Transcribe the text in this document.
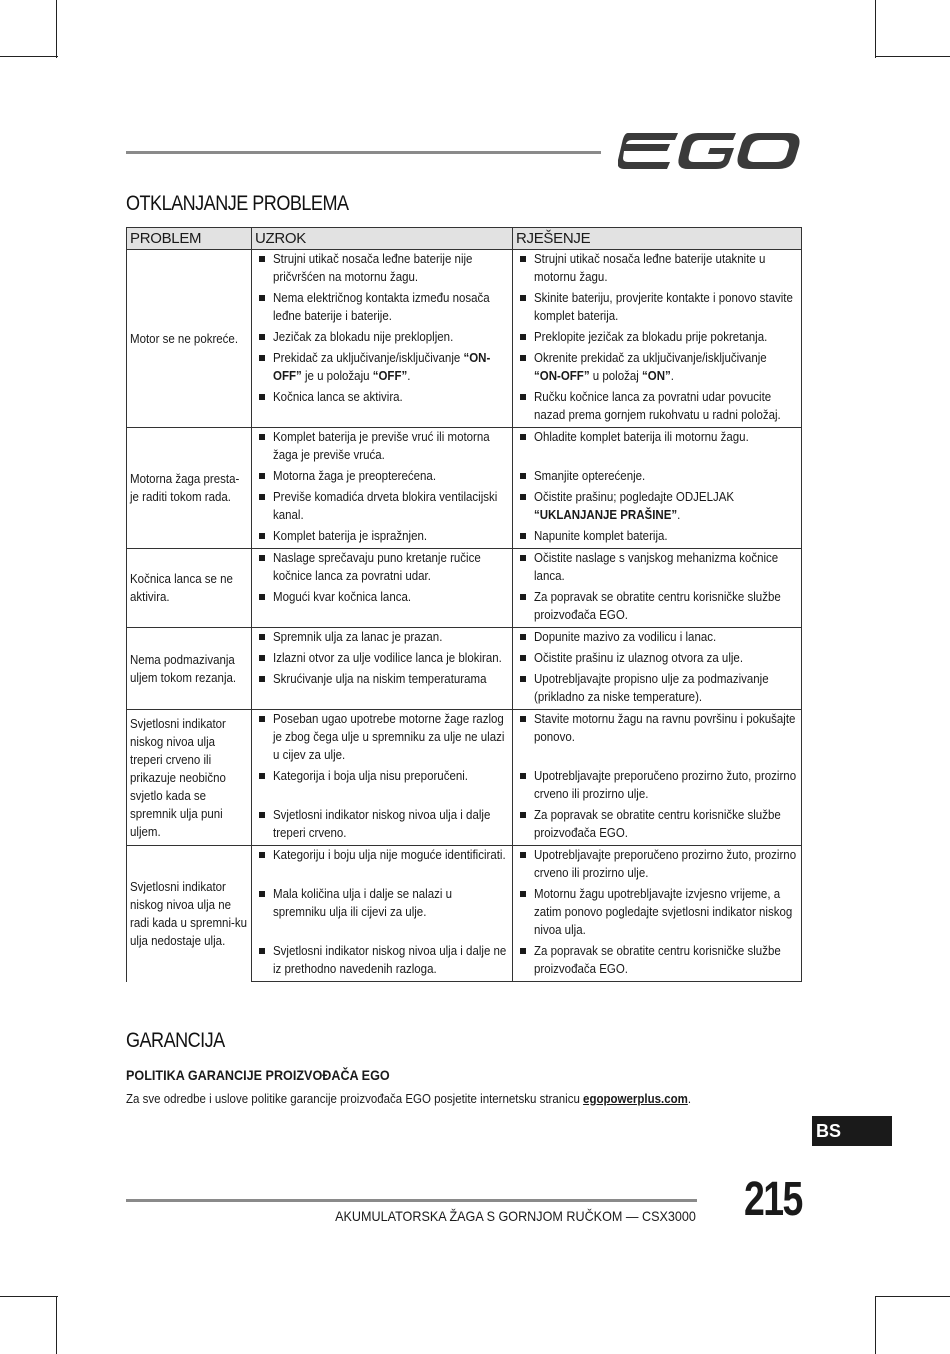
OTKLANJANJE PROBLEMA
PROBLEM	UZROK	RJEŠENJE
Motor se ne pokreće.	Strujni utikač nosača leđne baterije nije pričvršćen na motornu žagu.	Strujni utikač nosača leđne baterije utaknite u motornu žagu.

Nema električnog kontakta između nosača leđne baterije i baterije.	Skinite bateriju, provjerite kontakte i ponovo stavite komplet baterija.

Jezičak za blokadu nije preklopljen.	Preklopite jezičak za blokadu prije pokretanja.

Prekidač za uključivanje/isključivanje “ON-OFF” je u položaju “OFF”.	Okrenite prekidač za uključivanje/isključivanje “ON-OFF” u položaj “ON”.

Kočnica lanca se aktivira.	Ručku kočnice lanca za povratni udar povucite nazad prema gornjem rukohvatu u radni položaj.

Motorna žaga presta-je raditi tokom rada.	Komplet baterija je previše vruć ili motorna žaga je previše vruća.	Ohladite komplet baterija ili motornu žagu.

Motorna žaga je preopterećena.	Smanjite opterećenje.

Previše komadića drveta blokira ventilacijski kanal.	Očistite prašinu; pogledajte ODJELJAK “UKLANJANJE PRAŠINE”.

Komplet baterija je ispražnjen.	Napunite komplet baterija.

Kočnica lanca se ne aktivira.	Naslage sprečavaju puno kretanje ručice kočnice lanca za povratni udar.	Očistite naslage s vanjskog mehanizma kočnice lanca.

Mogući kvar kočnica lanca.	Za popravak se obratite centru korisničke službe proizvođača EGO.

Nema podmazivanja uljem tokom rezanja.	Spremnik ulja za lanac je prazan.	Dopunite mazivo za vodilicu i lanac.

Izlazni otvor za ulje vodilice lanca je blokiran.	Očistite prašinu iz ulaznog otvora za ulje.

Skrućivanje ulja na niskim temperaturama	Upotrebljavajte propisno ulje za podmazivanje (prikladno za niske temperature).

Svjetlosni indikator niskog nivoa ulja treperi crveno ili prikazuje neobično svjetlo kada se spremnik ulja puni uljem.	Poseban ugao upotrebe motorne žage razlog je zbog čega ulje u spremniku za ulje ne ulazi u cijev za ulje.	Stavite motornu žagu na ravnu površinu i pokušajte ponovo.

Kategorija i boja ulja nisu preporučeni.	Upotrebljavajte preporučeno prozirno žuto, prozirno crveno ili prozirno ulje.

Svjetlosni indikator niskog nivoa ulja i dalje treperi crveno.	Za popravak se obratite centru korisničke službe proizvođača EGO.

Svjetlosni indikator niskog nivoa ulja ne radi kada u spremni-ku ulja nedostaje ulja.	Kategoriju i boju ulja nije moguće identificirati.	Upotrebljavajte preporučeno prozirno žuto, prozirno crveno ili prozirno ulje.

Mala količina ulja i dalje se nalazi u spremniku ulja ili cijevi za ulje.	Motornu žagu upotrebljavajte izvjesno vrijeme, a zatim ponovo pogledajte svjetlosni indikator niskog nivoa ulja.

Svjetlosni indikator niskog nivoa ulja i dalje ne iz prethodno navedenih razloga.	Za popravak se obratite centru korisničke službe proizvođača EGO.
GARANCIJA

POLITIKA GARANCIJE PROIZVOĐAČA EGO

Za sve odredbe i uslove politike garancije proizvođača EGO posjetite internetsku stranicu egopowerplus.com.

BS
AKUMULATORSKA ŽAGA S GORNJOM RUČKOM — CSX3000 215
